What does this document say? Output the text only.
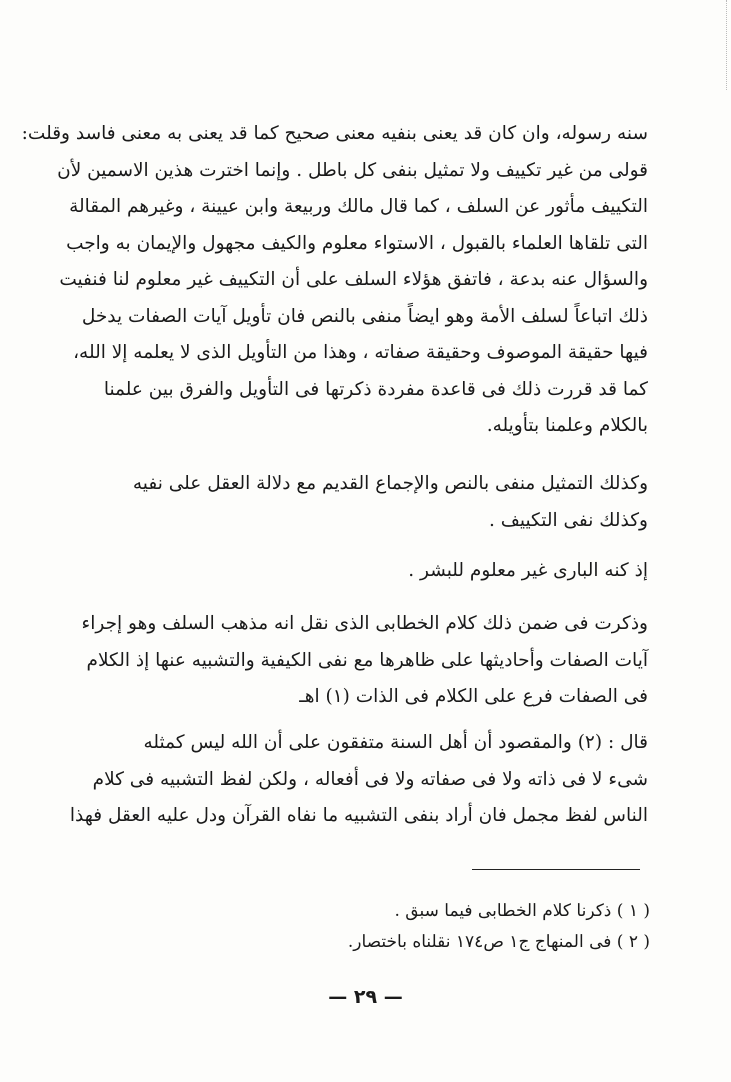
سنه رسوله، وان كان قد يعنى بنفيه معنى صحيح كما قد يعنى به معنى فاسد وقلت:
قولى من غير تكييف ولا تمثيل بنفى كل باطل . وإنما اخترت هذين الاسمين لأن
التكييف مأثور عن السلف ، كما قال مالك وربيعة وابن عيينة ، وغيرهم المقالة
التى تلقاها العلماء بالقبول ، الاستواء معلوم والكيف مجهول والإيمان به واجب
والسؤال عنه بدعة ، فاتفق هؤلاء السلف على أن التكييف غير معلوم لنا فنفيت
ذلك اتباعاً لسلف الأمة وهو ايضاً منفى بالنص فان تأويل آيات الصفات يدخل
فيها حقيقة الموصوف وحقيقة صفاته ، وهذا من التأويل الذى لا يعلمه إلا الله،
كما قد قررت ذلك فى قاعدة مفردة ذكرتها فى التأويل والفرق بين علمنا
بالكلام وعلمنا بتأويله.
وكذلك التمثيل منفى بالنص والإجماع القديم مع دلالة العقل على نفيه
وكذلك نفى التكييف .
إذ كنه البارى غير معلوم للبشر .
وذكرت فى ضمن ذلك كلام الخطابى الذى نقل انه مذهب السلف وهو إجراء
آيات الصفات وأحاديثها على ظاهرها مع نفى الكيفية والتشبيه عنها إذ الكلام
فى الصفات فرع على الكلام فى الذات (١) اهـ
قال : (٢) والمقصود أن أهل السنة متفقون على أن الله ليس كمثله
شىء لا فى ذاته ولا فى صفاته ولا فى أفعاله ، ولكن لفظ التشبيه فى كلام
الناس لفظ مجمل فان أراد بنفى التشبيه ما نفاه القرآن ودل عليه العقل فهذا
( ١ ) ذكرنا كلام الخطابى فيما سبق .
( ٢ ) فى المنهاج ج١ ص١٧٤ نقلناه باختصار.
— ٢٩ —
